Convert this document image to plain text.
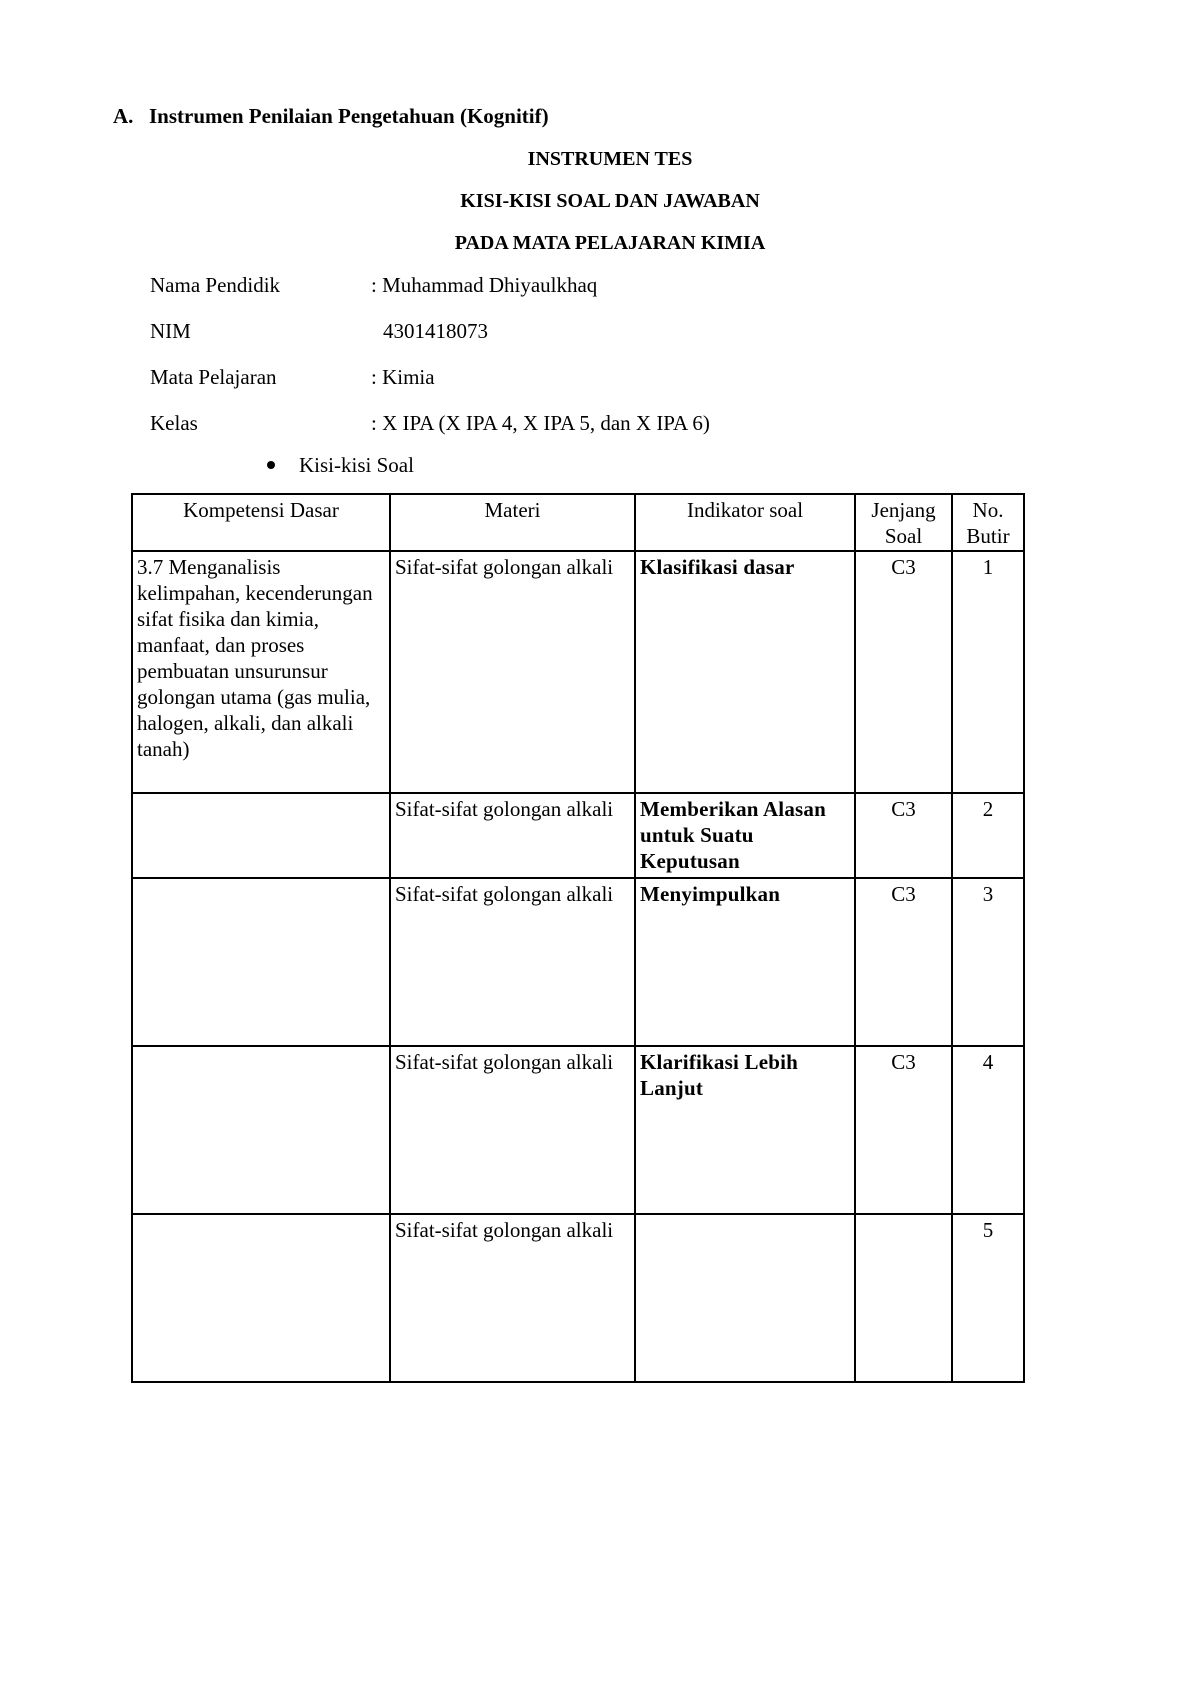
A. Instrumen Penilaian Pengetahuan (Kognitif)
INSTRUMEN TES
KISI-KISI SOAL DAN JAWABAN
PADA MATA PELAJARAN KIMIA
Nama Pendidik	: Muhammad Dhiyaulkhaq
NIM	4301418073
Mata Pelajaran	: Kimia
Kelas	: X IPA (X IPA 4, X IPA 5, dan X IPA 6)
Kisi-kisi Soal
Kompetensi Dasar	Materi	Indikator soal	Jenjang Soal	No. Butir
3.7 Menganalisis kelimpahan, kecenderungan sifat fisika dan kimia, manfaat, dan proses pembuatan unsurunsur golongan utama (gas mulia, halogen, alkali, dan alkali tanah)	Sifat-sifat golongan alkali	Klasifikasi dasar	C3	1
	Sifat-sifat golongan alkali	Memberikan Alasan untuk Suatu Keputusan	C3	2
	Sifat-sifat golongan alkali	Menyimpulkan	C3	3
	Sifat-sifat golongan alkali	Klarifikasi Lebih Lanjut	C3	4
	Sifat-sifat golongan alkali			5
